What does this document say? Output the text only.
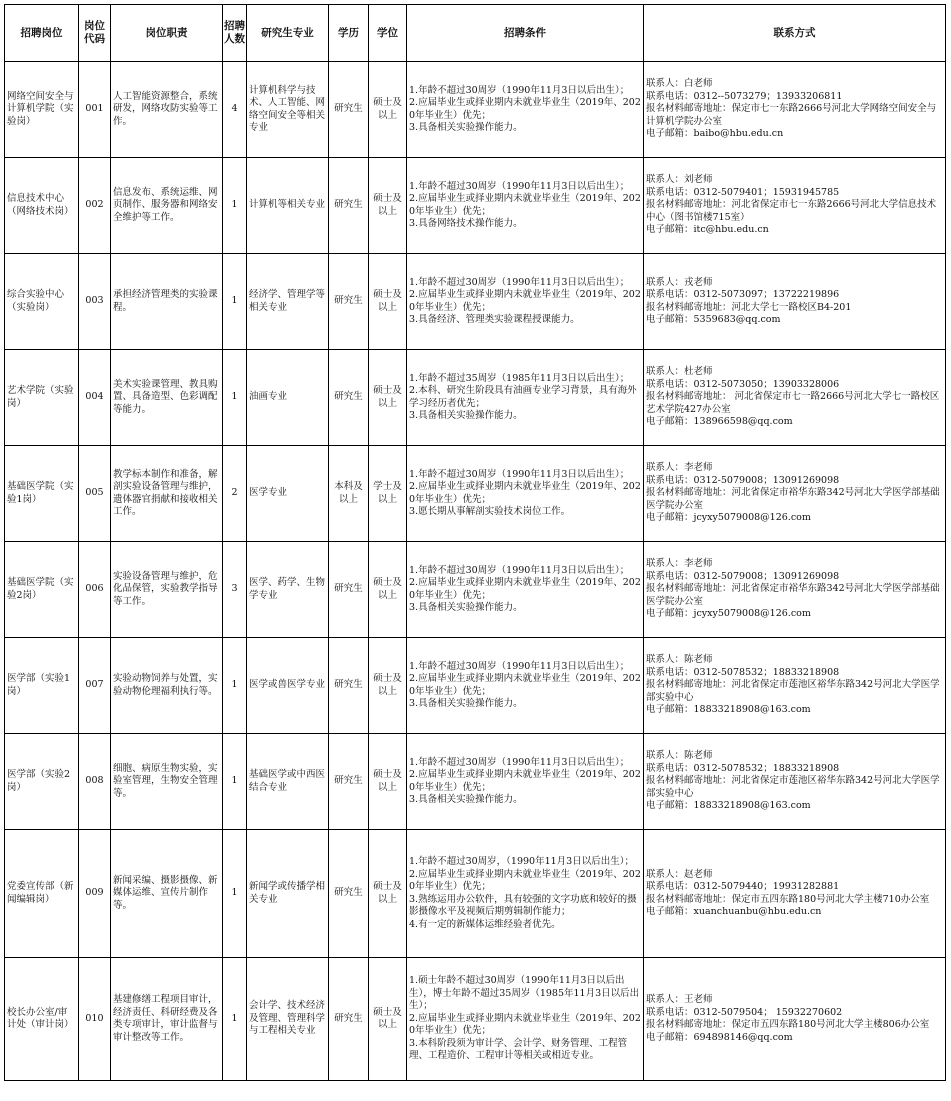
招聘岗位	岗位代码	岗位职责	招聘人数	研究生专业	学历	学位	招聘条件	联系方式
网络空间安全与计算机学院（实验岗）	001	人工智能资源整合，系统研发，网络攻防实验等工作。	4	计算机科学与技术、人工智能、网络空间安全等相关专业	研究生	硕士及以上	1.年龄不超过30周岁（1990年11月3日以后出生）；
2.应届毕业生或择业期内未就业毕业生（2019年、2020年毕业生）优先；
3.具备相关实验操作能力。	联系人：白老师
联系电话：0312--5073279；13933206811
报名材料邮寄地址：保定市七一东路2666号河北大学网络空间安全与计算机学院办公室
电子邮箱：baibo@hbu.edu.cn

信息技术中心（网络技术岗）	002	信息发布、系统运维、网页制作、服务器和网络安全维护等工作。	1	计算机等相关专业	研究生	硕士及以上	1.年龄不超过30周岁（1990年11月3日以后出生）；
2.应届毕业生或择业期内未就业毕业生（2019年、2020年毕业生）优先；
3.具备网络技术操作能力。	联系人：刘老师
联系电话：0312-5079401；15931945785
报名材料邮寄地址：河北省保定市七一东路2666号河北大学信息技术中心（图书馆楼715室）
电子邮箱：itc@hbu.edu.cn

综合实验中心（实验岗）	003	承担经济管理类的实验课程。	1	经济学、管理学等相关专业	研究生	硕士及以上	1.年龄不超过30周岁（1990年11月3日以后出生）；
2.应届毕业生或择业期内未就业毕业生（2019年、2020年毕业生）优先；
3.具备经济、管理类实验课程授课能力。	联系人：戎老师
联系电话：0312-5073097；13722219896
报名材料邮寄地址：河北大学七一路校区B4-201
电子邮箱：5359683@qq.com

艺术学院（实验岗）	004	美术实验课管理、教具购置、具备造型、色彩调配等能力。	1	油画专业	研究生	硕士及以上	1.年龄不超过35周岁（1985年11月3日以后出生）；
2.本科、研究生阶段具有油画专业学习背景，具有海外学习经历者优先；
3.具备相关实验操作能力。	联系人：杜老师
联系电话：0312-5073050；13903328006
报名材料邮寄地址： 河北省保定市七一路2666号河北大学七一路校区艺术学院427办公室
电子邮箱：138966598@qq.com

基础医学院（实验1岗）	005	教学标本制作和准备，解剖实验设备管理与维护，遗体器官捐献和接收相关工作。	2	医学专业	本科及以上	学士及以上	1.年龄不超过30周岁（1990年11月3日以后出生）；
2.应届毕业生或择业期内未就业毕业生（2019年、2020年毕业生）优先；
3.愿长期从事解剖实验技术岗位工作。	联系人：李老师
联系电话：0312-5079008；13091269098
报名材料邮寄地址：河北省保定市裕华东路342号河北大学医学部基础医学院办公室
电子邮箱：jcyxy5079008@126.com

基础医学院（实验2岗）	006	实验设备管理与维护，危化品保管，实验教学指导等工作。	3	医学、药学、生物学专业	研究生	硕士及以上	1.年龄不超过30周岁（1990年11月3日以后出生）；
2.应届毕业生或择业期内未就业毕业生（2019年、2020年毕业生）优先；
3.具备相关实验操作能力。	联系人：李老师
联系电话：0312-5079008；13091269098
报名材料邮寄地址：河北省保定市裕华东路342号河北大学医学部基础医学院办公室
电子邮箱：jcyxy5079008@126.com

医学部（实验1岗）	007	实验动物饲养与处置，实验动物伦理福利执行等。	1	医学或兽医学专业	研究生	硕士及以上	1.年龄不超过30周岁（1990年11月3日以后出生）；
2.应届毕业生或择业期内未就业毕业生（2019年、2020年毕业生）优先；
3.具备相关实验操作能力。	联系人：陈老师
联系电话：0312-5078532；18833218908
报名材料邮寄地址：河北省保定市莲池区裕华东路342号河北大学医学部实验中心
电子邮箱：18833218908@163.com

医学部（实验2岗）	008	细胞、病原生物实验，实验室管理，生物安全管理等。	1	基础医学或中西医结合专业	研究生	硕士及以上	1.年龄不超过30周岁（1990年11月3日以后出生）；
2.应届毕业生或择业期内未就业毕业生（2019年、2020年毕业生）优先；
3.具备相关实验操作能力。	联系人：陈老师
联系电话：0312-5078532；18833218908
报名材料邮寄地址：河北省保定市莲池区裕华东路342号河北大学医学部实验中心
电子邮箱：18833218908@163.com

党委宣传部（新闻编辑岗）	009	新闻采编、摄影摄像、新媒体运维、宣传片制作等。	1	新闻学或传播学相关专业	研究生	硕士及以上	1.年龄不超过30周岁，（1990年11月3日以后出生）；
2.应届毕业生或择业期内未就业毕业生（2019年、2020年毕业生）优先；
3.熟练运用办公软件，具有较强的文字功底和较好的摄影摄像水平及视频后期剪辑制作能力；
4.有一定的新媒体运维经验者优先。	联系人：赵老师
联系电话：0312-5079440；19931282881
报名材料邮寄地址：保定市五四东路180号河北大学主楼710办公室
电子邮箱：xuanchuanbu@hbu.edu.cn

校长办公室/审计处（审计岗）	010	基建修缮工程项目审计，经济责任、科研经费及各类专项审计，审计监督与审计整改等工作。	1	会计学、技术经济及管理、管理科学与工程相关专业	研究生	硕士及以上	1.硕士年龄不超过30周岁（1990年11月3日以后出生），博士年龄不超过35周岁（1985年11月3日以后出生）；
2.应届毕业生或择业期内未就业毕业生（2019年、2020年毕业生）优先；
3.本科阶段须为审计学、会计学、财务管理、工程管理、工程造价、工程审计等相关或相近专业。	联系人：王老师
联系电话：0312-5079504； 15932270602
报名材料邮寄地址：保定市五四东路180号河北大学主楼806办公室
电子邮箱：694898146@qq.com
